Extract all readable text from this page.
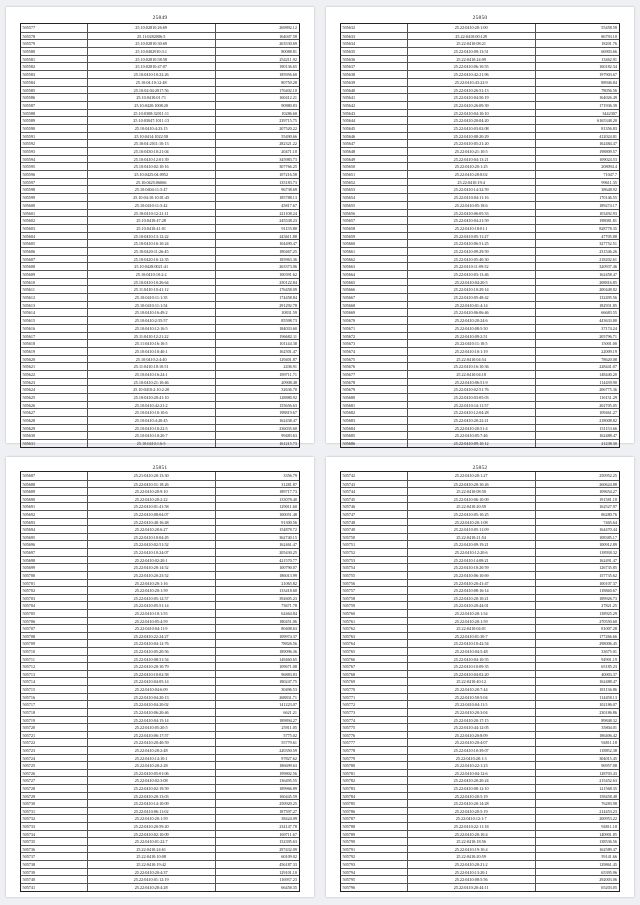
25849
505577	25.10:02810:26:69	269892.12
505578	25.11:0282006:5	164047.58
505579	25.10:02810:30:69	263530.69
505580	25.10:0402910:3:1	80088.81
505581	25.10:02810:58:58	254211.92
505582	25.10:02810:47:07	190136.65
505583	25.10:0410:10:22:26	185956.60
505584	25.10:04:10:12:48	80750.28
505585	25.10:02:04:2017:56	176402.10
505586	25.10:0410:01:71	160412.21
505587	25.10:0420:1008:20	90880.83
505588	25.10:0308:32011:11	10286.60
505589	25.10:03047:1011:13	239715.75
505590	25.10:0410:4:23:15	207520.22
505591	25.10:0414:1022:58	55490.66
505592	25.10:04:2011:10:13	282321.22
505593	25.10:0430:10:21:04	20471.10
505594	25.10:0410:12:01:39	345983.73
505595	25.10:0410:02:10:16	307766.25
505596	25.10:0425:04:0952	107216.58
505597	25.10:0425:06066	135183.73
505598	25.10:0404:11:5:47	96738.69
505599	25.10:04:10:10:01:45	185788.13
505600	25.10:0410:11:5:42	45817.67
505601	25.10:0410:12:21:11	221108.24
505602	25.10:0410:47:28	245538.23
505603	25.10:0410:41:01	91155.80
505604	25.10:0410:13:12:22	243611.88
505605	25.10:0410:16:10:24	104490.47
505606	25.10:0420:11:26:45	180467.25
505607	25.10:0420:16:12:35	185963.36
505608	25.10:0428:0021:41	263373.06
505609	25.10:0410:10:2:2	100391.62
505610	25.10:0410:10:26:64	250122.84
505611	25.11:0410:10:41:12	176458.09
505612	25.10:0410:11:1:35	174458.84
505613	25.10:0410:11:1:54	291292.78
505614	25.10:0410:16:49:2	10831.59
505615	25.10:0410:2:55:57	85598.73
505616	25.10:0410:12:16:5	184033.60
505617	25.11:0410:12:21:22	196682.11
505618	25.11:0410:16:10:5	101144.38
505619	25.10:0410:10:40:1	162501.47
505620	25.10:0410:2:4:40	129401.87
505621	25.11:0410:18:10:51	2436.91
505622	25.10:0410:16:24:1	189711.71
505623	25.10:0410:21:10:46	20908.48
505624	25.10:0410:2:10:2:20	32636.70
505625	25.10:0410:20:41:10	128880.92
505626	25.10:0410:42:21:2	155656.63
505627	25.10:0410:10:10:6	198819.67
505628	25.10:0410:4:20:45	162438.47
505629	25.10:0410:10:22:5	236035.60
505630	25.10:0410:10:20:7	99483.63
505631	25.10:0410:1:6:5	161215.73
25850
505632	25.22:0410:20:1:00	55458.58
505633	25.22:0410:00:129	86793.10
505634	25.22:0410:08:21	18201.76
505635	25.22:0410:09:13:51	66903.66
505636	25.22:0410:24:09	13462.91
505637	25.22:0410:06:10:55	160182.34
505638	25.22:0410:42:21:96	197903.67
505639	25.22:0410:43:22:9	88946.84
505640	25.22:0410:26:51:13	78056.56
505641	25.22:0410:04:50:19	164026.49
505642	25.22:0410:26:09:39	171936.39
505643	25.22:0410:04:10:10	3442307
505644	25.22:0410:20:04:20	6165348.20
505645	25.22:0410:03:02:08	81356.83
505646	25.22:0410:08:20:29	412024.81
505647	25.22:0410:05:21:20	162484.47
505648	25.22:0410:21:10:5	198809.57
505649	25.22:0410:04:13:21	109024.53
505650	25.22:0410:20:1:25	208094.4
505651	25.22:0410:20:8:02	71047.7
505652	25.22:0410:19:4	99611.35
505653	25.22:0410:14:32:59	38648.92
505654	25.22:0410:04:11:16	170146.55
505655	25.22:0410:05:18:6	189274.17
505656	25.22:0410:06:05:33	103492.93
505657	25.22:0410:04:21:59	198081.81
505658	25.22:0410:18:01:1	828778.35
505659	25.22:0410:05:11:27	47705.88
505660	25.22:0410:06:51:25	327752.51
505661	25.22:0410:09:29:59	231546.26
505662	25.22:0410:05:40:30	218202.61
505663	25.22:0410:11:09:52	320937.46
505664	25.22:0410:03:13:46	162458.47
505665	25.22:0410:04:20:5	208816.85
505666	25.22:0410:10:29:14	200448.82
505667	25.22:0410:05:48:42	132495.56
505668	25.22:0410:01:4:14	182931.85
505669	25.22:0410:06:06:46	66683.55
505670	25.22:0410:20:24:6	443633.80
505671	25.22:0410:08:5:50	37174.24
505672	25.22:0410:09:2:51	205796.71
505673	25.22:0410:11:10:5	15001.00
505674	25.22:0410:10:1:19	22009.19
505675	25.22:0410:04:54	78620.08
505676	25.22:0410:16:10:36	228441.07
505677	25.22:0410:04:18	148440.20
505678	25.22:0410:06:51:9	114439.90
505679	25.22:0410:02:51:76	206775.36
505680	25.22:0410:03:05:03	116131.29
505681	25.22:0410:14:11:57	202705.05
505682	25.22:0410:12:04:28	109461.27
505683	25.22:0410:20:22:21	218008.82
505684	25.22:0410:20:51:4	131153.66
505685	25.22:0410:05:7:46	162488.47
505686	25.22:0410:09:10:12	21238.30
25851
505687	25.21:0410:20:13:30	3356.79
505688	25.22:0410:51:18:26	31281.87
505689	25.22:0410:20:9:10	189717.73
505690	25.22:0410:20:2:22	133078.40
505691	25.22:0410:01:41:58	129011.60
505692	25.22:0410:08:04:07	100051.48
505693	25.22:0410:40:16:48	91300.56
505694	25.22:0410:20:6:27	154878.72
505695	25.22:0410:10:04:45	362740.15
505696	25.22:0410:02:51:52	162461.47
505697	25.22:0410:10:24:07	205430.25
505698	25.22:0410:02:20:1	421570.77
505699	25.22:0410:20:14:52	100790.07
505700	25.22:0410:20:23:52	186013.99
505701	25.22:0410:20:1:16	21065.82
505702	25.22:0410:20:1:59	133418.60
505703	25.22:0410:05:12:57	392605.23
505704	25.22:0410:05:51:14	73671.78
505705	25.22:0410:10:1:55	62464.84
505706	25.22:0410:05:4:59	180451.06
505707	25.22:0410:04:11:9	80408.63
505708	25.22:0410:22:24:27	109974.37
505709	25.22:0410:04:12:76	78826.56
505710	25.22:0410:05:20:56	189096.36
505711	25.22:0410:08:31:54	149460.65
505712	25.22:0410:20:10:79	109671.08
505713	25.22:0410:10:02:58	96883.83
505714	25.22:0410:04:05:14	180247.75
505715	25.22:0410:04:6:09	30496.53
505716	25.22:0410:04:20:13	268831.71
505717	25.22:0410:04:20:02	141223.07
505718	25.22:0410:06:20:46	6621.21
505719	25.22:0410:04:15:14	189894.27
505720	25.22:0410:05:20:5	25911.05
505721	25.22:0410:06:17:57	5775.02
505722	25.22:0410:20:40:59	55779.61
505723	25.22:0410:20:2:48	220350.59
505724	25.22:0410:14:10:1	97827.62
505725	25.22:0410:20:2:28	186699.63
505726	25.22:0410:05:01:06	199802.56
505727	25.22:0410:02:3:08	136495.55
505728	25.22:0410:02:19:59	189966.89
505729	25.22:0410:20:13:03	160445.59
505730	25.22:0410:14:10:09	250920.25
505731	25.22:0410:06:11:02	187597.27
505732	25.22:0410:20:1:59	38424.09
505733	25.22:0410:20:59:20	234147.78
505734	25.22:0410:02:10:09	169711.67
505735	25.22:0410:01:22:7	152395.63
505736	25.22:0410:24:61	297432.09
505737	25.22:0410:10:08	60109.02
505738	25.22:0410:19:42	456187.33
505739	25.22:0410:20:4:37	129101.10
505740	25.22:0410:01:12:19	116937.23
505741	25.22:0410:20:4:28	66458.35
25852
505742	25.22:0410:20:1:27	250952.25
505743	25.22:0410:20:10:26	260624.88
505744	25.22:0410:08:50	109654.27
505745	25.22:0410:06:10:09	191581.18
505746	25.22:0410:20:59	162527.97
505747	25.22:0410:05:10:25	86280.76
505748	25.22:0410:20:1:08	7465.64
505749	25.22:0410:05:11:09	164470.44
505750	25.22:0410:21:54	108385.17
505751	25.22:0410:09:19:21	100912.89
505752	25.22:0410:12:20:6	118938.32
505753	25.22:0410:14:08:21	162491.47
505754	25.22:0410:10:20:59	126735.85
505755	25.22:0410:06:10:69	157735.62
505756	25.22:0410:20:41:47	100107.37
505757	25.22:0410:08:16:14	118840.67
505758	25.22:0410:20:10:21	189926.73
505759	25.22:0410:20:44:01	27821.25
505760	25.22:0410:20:1:54	138925.29
505761	25.22:0410:20:1:59	270550.60
505762	25.22:0410:04:01	81007.28
505763	25.22:0410:01:30:7	177266.66
505764	25.22:0410:10:42:54	298006.45
505765	25.22:0410:04:5:48	33675.01
505766	25.22:0410:04:10:55	94901.19
505767	25.22:0410:10:09:35	65185.23
505768	25.22:0410:04:02:20	40003.37
505769	25.22:0410:40:12	162488.47
505770	25.22:0410:20:7:44	181136.86
505771	25.22:0410:50:5:04	114458.13
505772	25.22:0410:04:11:5	102186.07
505773	25.22:0410:20:3:04	230186.86
505774	25.22:0410:20:17:15	89848.32
505775	25.22:0410:44:12:05	35804.01
505776	25.22:0410:20:8:09	186406.42
505777	25.22:0410:20:4:07	94811.18
505778	25.22:0410:10:39:07	118852.38
505779	25.22:0410:20:1:3	304015.45
505780	25.22:0410:22:1:23	96957.08
505781	25.22:0410:04:12:6	128703.43
505782	25.22:0410:20:20:24	215452.63
505783	25.22:0410:08:12:10	121568.35
505784	25.22:0410:20:5:19	158458.48
505785	25.22:0410:20:14:28	76283.98
505786	25.22:0410:20:5:19	214453.23
505787	25.22:0410:12:1:7	200953.22
505788	25.22:0410:22:11:18	94811.18
505789	25.22:0410:20:10:4	140901.85
505790	25.22:0410:18:56	138536.56
505791	25.22:0410:19:10:4	162589.47
505792	25.22:0410:20:59	59141.66
505793	25.22:0410:20:21:2	129861.45
505794	25.22:0410:13:20:1	65395.96
505795	25.22:0410:08:5:56	292003.06
505796	25.22:0410:20:44:11	65203.05
